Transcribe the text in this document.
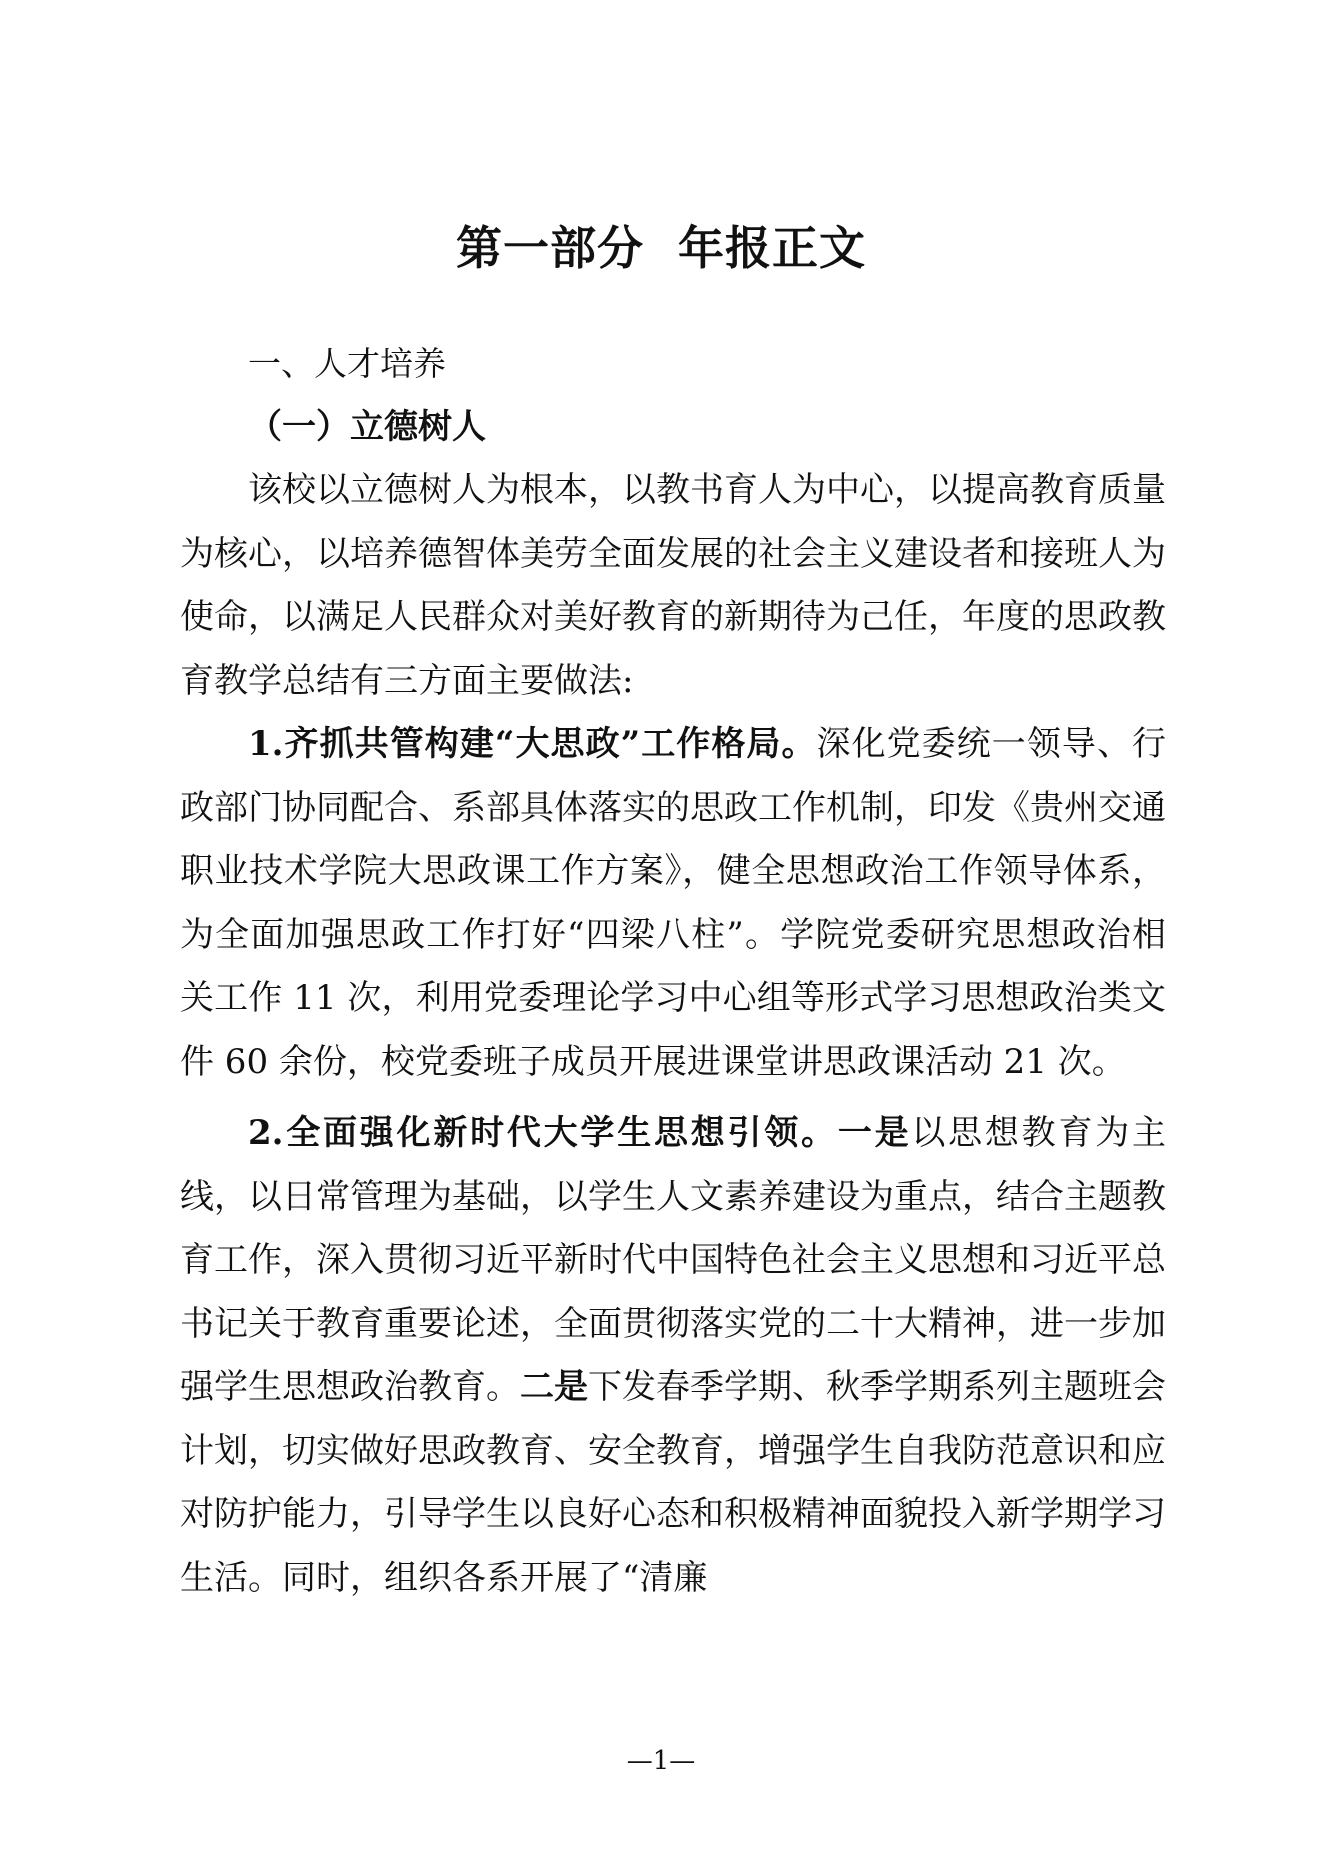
第一部分  年报正文

一、人才培养

（一）立德树人

该校以立德树人为根本，以教书育人为中心，以提高教育质量为核心，以培养德智体美劳全面发展的社会主义建设者和接班人为使命，以满足人民群众对美好教育的新期待为己任，年度的思政教育教学总结有三方面主要做法:

1.齐抓共管构建“大思政”工作格局。深化党委统一领导、行政部门协同配合、系部具体落实的思政工作机制，印发《贵州交通职业技术学院大思政课工作方案》，健全思想政治工作领导体系，为全面加强思政工作打好“四梁八柱”。学院党委研究思想政治相关工作 11 次，利用党委理论学习中心组等形式学习思想政治类文件 60 余份，校党委班子成员开展进课堂讲思政课活动 21 次。

2.全面强化新时代大学生思想引领。一是以思想教育为主线，以日常管理为基础，以学生人文素养建设为重点，结合主题教育工作，深入贯彻习近平新时代中国特色社会主义思想和习近平总书记关于教育重要论述，全面贯彻落实党的二十大精神，进一步加强学生思想政治教育。二是下发春季学期、秋季学期系列主题班会计划，切实做好思政教育、安全教育，增强学生自我防范意识和应对防护能力，引导学生以良好心态和积极精神面貌投入新学期学习生活。同时，组织各系开展了“清廉

—1—
